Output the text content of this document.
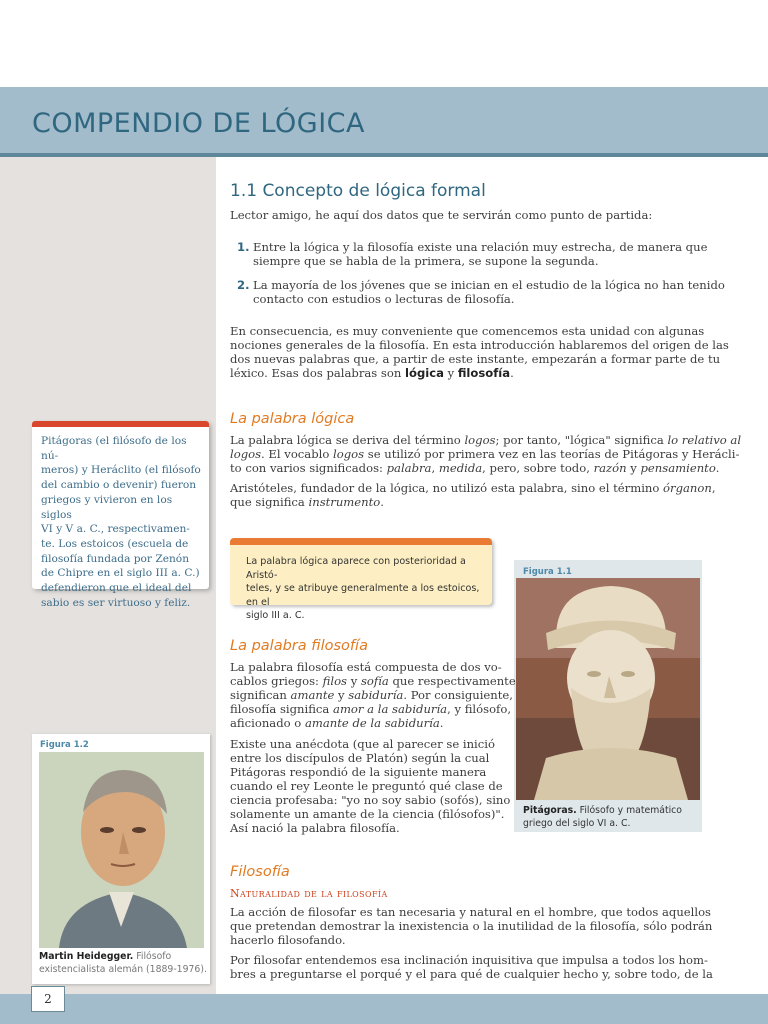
COMPENDIO DE LÓGICA
1.1 Concepto de lógica formal
Lector amigo, he aquí dos datos que te servirán como punto de partida:
1. Entre la lógica y la filosofía existe una relación muy estrecha, de manera que
siempre que se habla de la primera, se supone la segunda.
2. La mayoría de los jóvenes que se inician en el estudio de la lógica no han tenido
contacto con estudios o lecturas de filosofía.
En consecuencia, es muy conveniente que comencemos esta unidad con algunas
nociones generales de la filosofía. En esta introducción hablaremos del origen de las
dos nuevas palabras que, a partir de este instante, empezarán a formar parte de tu
léxico. Esas dos palabras son lógica y filosofía.
La palabra lógica
La palabra lógica se deriva del término logos; por tanto, "lógica" significa lo relativo al
logos. El vocablo logos se utilizó por primera vez en las teorías de Pitágoras y Herácli-
to con varios significados: palabra, medida, pero, sobre todo, razón y pensamiento.
Aristóteles, fundador de la lógica, no utilizó esta palabra, sino el término órganon,
que significa instrumento.
Pitágoras (el filósofo de los nú-
meros) y Heráclito (el filósofo
del cambio o devenir) fueron
griegos y vivieron en los siglos
VI y V a. C., respectivamen-
te. Los estoicos (escuela de
filosofía fundada por Zenón
de Chipre en el siglo III a. C.)
defendieron que el ideal del
sabio es ser virtuoso y feliz.
La palabra lógica aparece con posterioridad a Aristó-
teles, y se atribuye generalmente a los estoicos, en el
siglo III a. C.
Figura 1.1
Pitágoras. Filósofo y matemático
griego del siglo VI a. C.
La palabra filosofía
La palabra filosofía está compuesta de dos vo-
cablos griegos: filos y sofía que respectivamente
significan amante y sabiduría. Por consiguiente,
filosofía significa amor a la sabiduría, y filósofo,
aficionado o amante de la sabiduría.
Existe una anécdota (que al parecer se inició
entre los discípulos de Platón) según la cual
Pitágoras respondió de la siguiente manera
cuando el rey Leonte le preguntó qué clase de
ciencia profesaba: "yo no soy sabio (sofós), sino
solamente un amante de la ciencia (filósofos)".
Así nació la palabra filosofía.
Figura 1.2
Martin Heidegger. Filósofo
existencialista alemán (1889-1976).
Filosofía
Naturalidad de la filosofía
La acción de filosofar es tan necesaria y natural en el hombre, que todos aquellos
que pretendan demostrar la inexistencia o la inutilidad de la filosofía, sólo podrán
hacerlo filosofando.
Por filosofar entendemos esa inclinación inquisitiva que impulsa a todos los hom-
bres a preguntarse el porqué y el para qué de cualquier hecho y, sobre todo, de la
2
